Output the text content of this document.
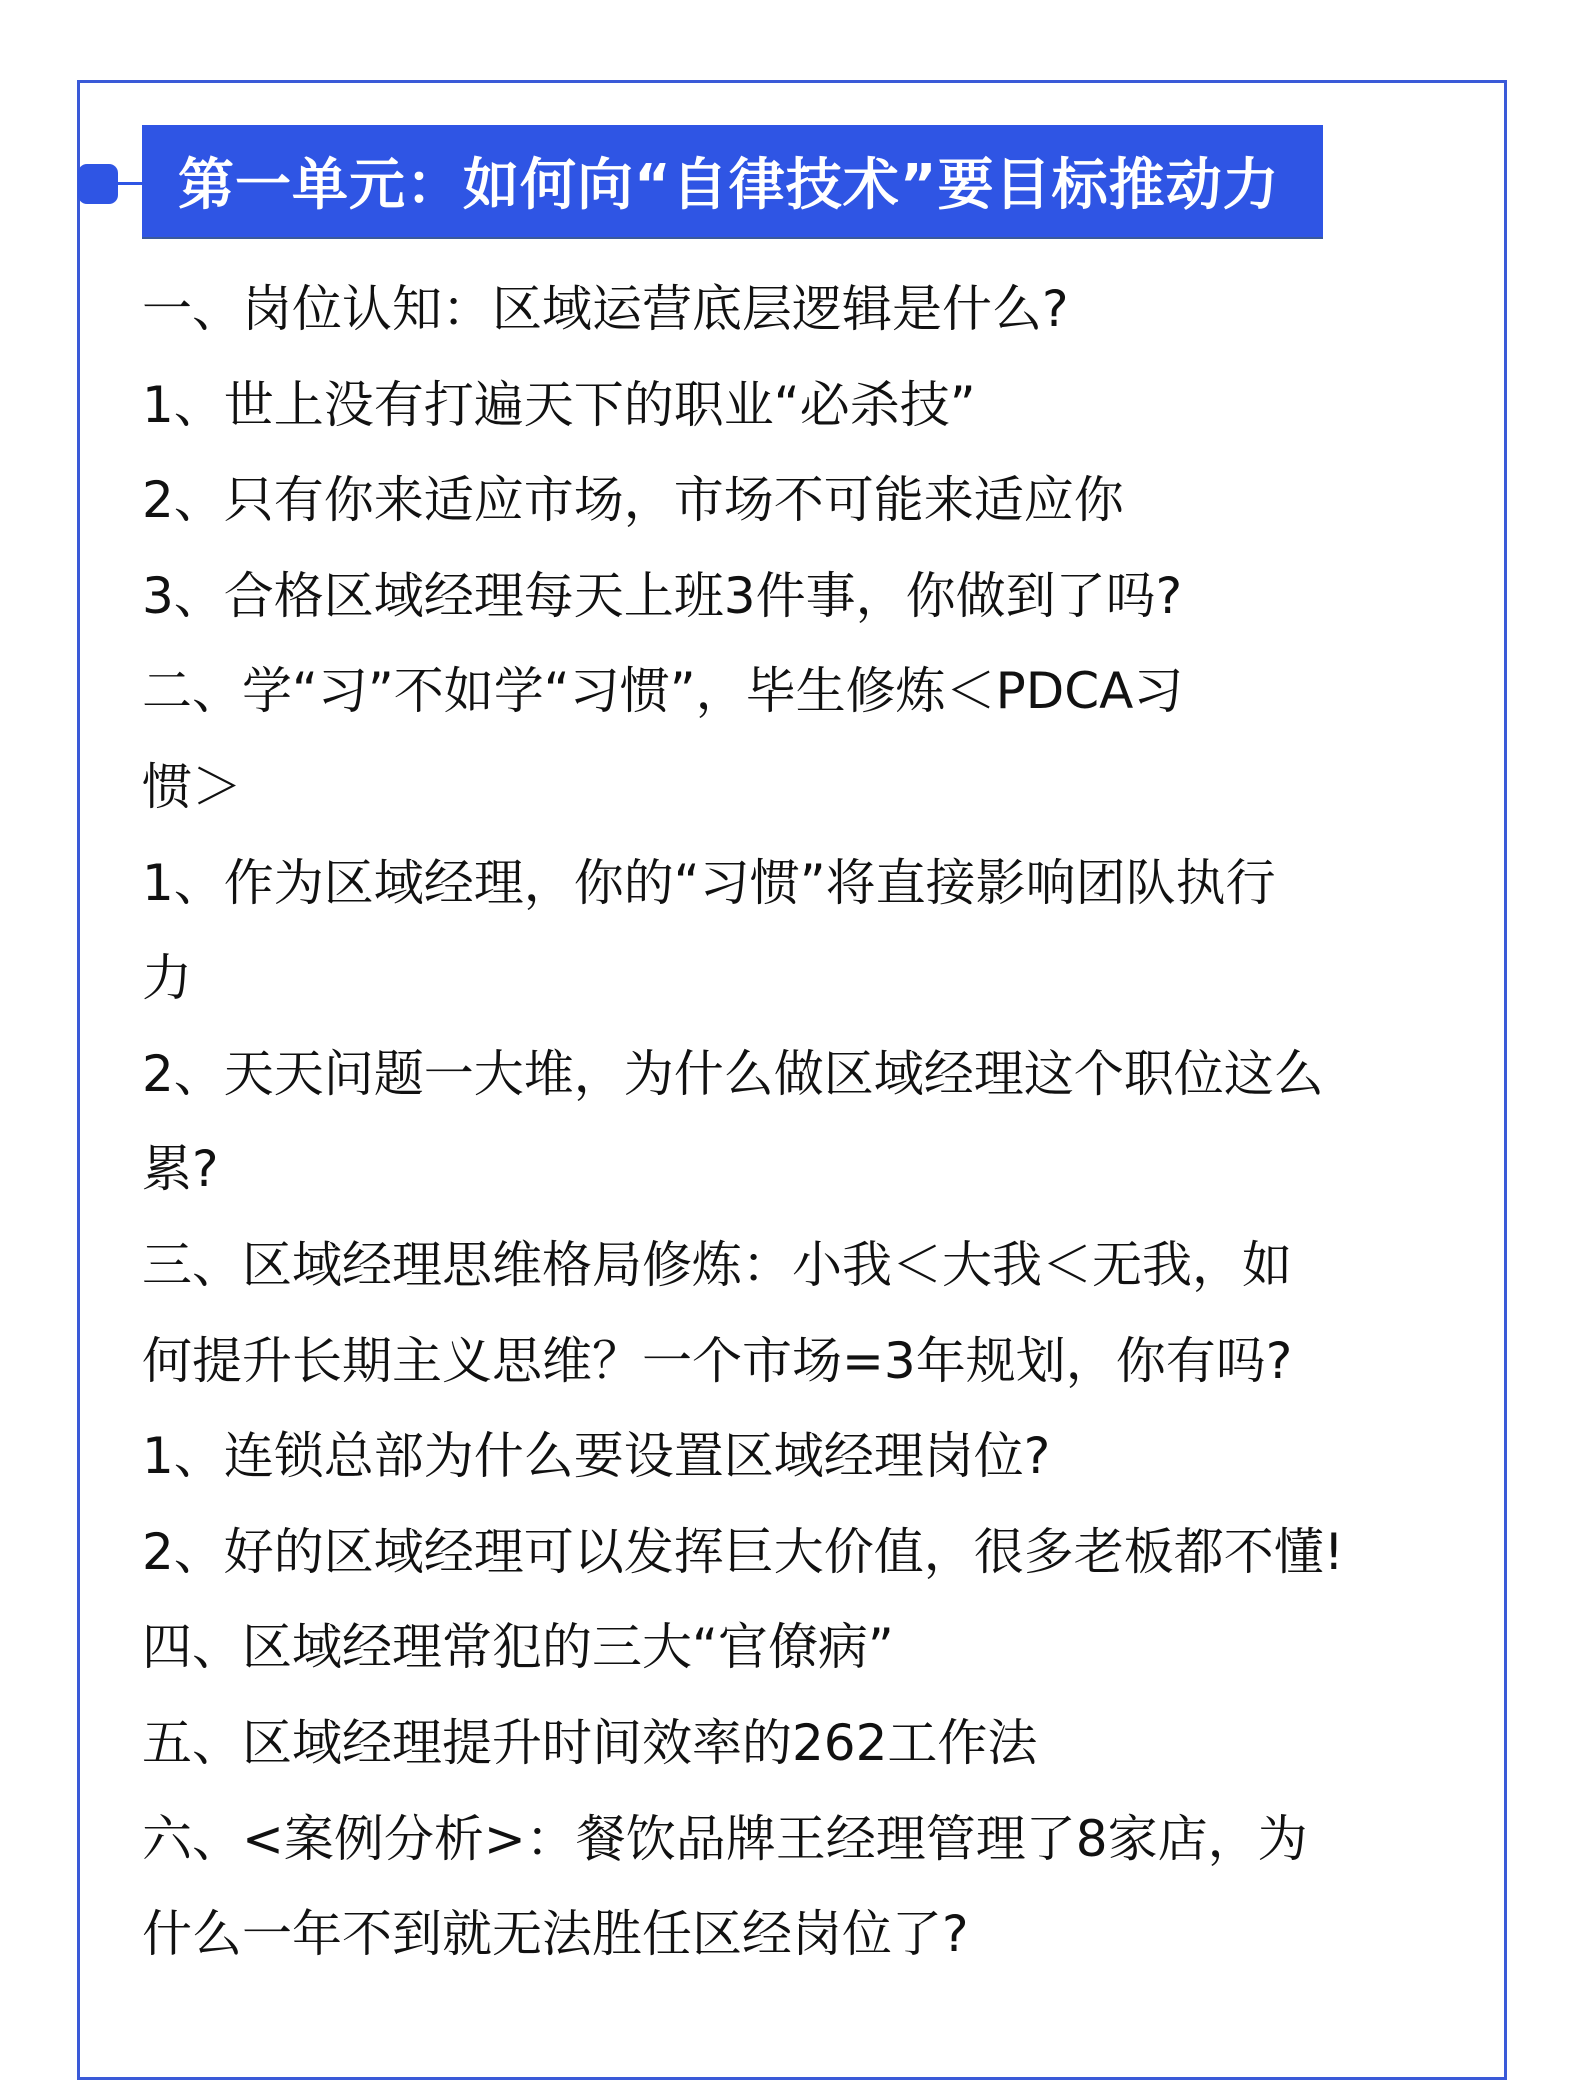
第一单元：如何向“自律技术”要目标推动力
一、岗位认知：区域运营底层逻辑是什么?
1、世上没有打遍天下的职业“必杀技”
2、只有你来适应市场，市场不可能来适应你
3、合格区域经理每天上班3件事，你做到了吗?
二、学“习”不如学“习惯”，毕生修炼＜PDCA习
惯＞
1、作为区域经理，你的“习惯”将直接影响团队执行
力
2、天天问题一大堆，为什么做区域经理这个职位这么
累?
三、区域经理思维格局修炼：小我＜大我＜无我，如
何提升长期主义思维？一个市场=3年规划，你有吗?
1、连锁总部为什么要设置区域经理岗位?
2、好的区域经理可以发挥巨大价值，很多老板都不懂!
四、区域经理常犯的三大“官僚病”
五、区域经理提升时间效率的262工作法
六、<案例分析>：餐饮品牌王经理管理了8家店，为
什么一年不到就无法胜任区经岗位了?
